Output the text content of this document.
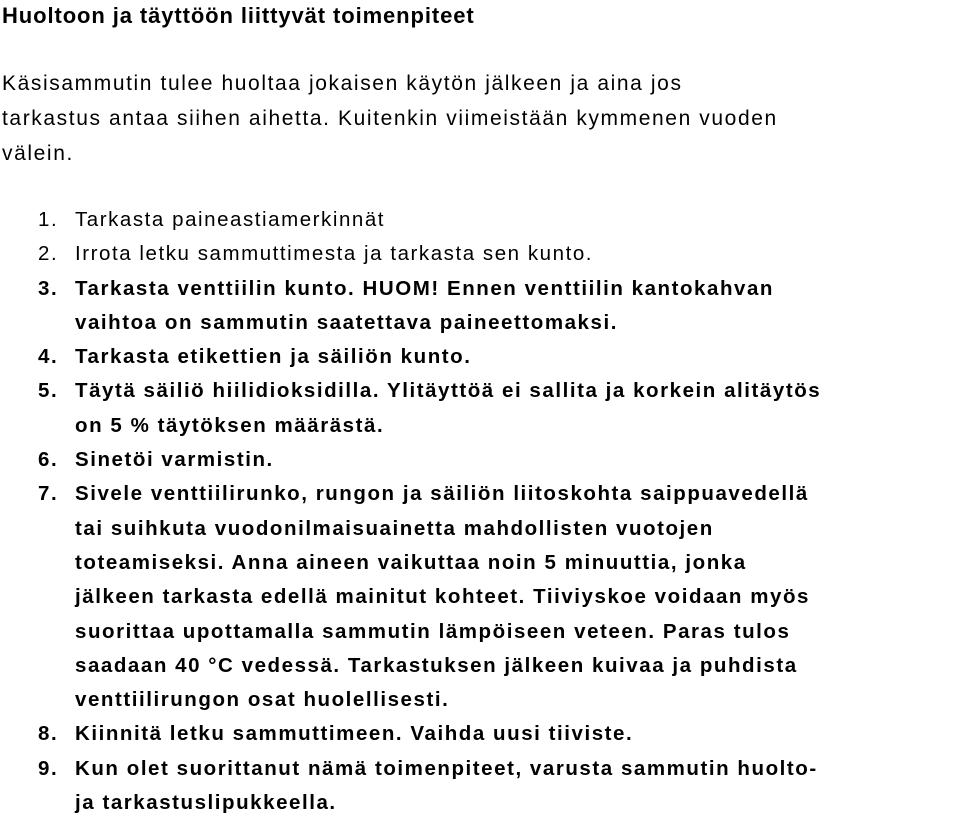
Huoltoon ja täyttöön liittyvät toimenpiteet

Käsisammutin tulee huoltaa jokaisen käytön jälkeen ja aina jos
tarkastus antaa siihen aihetta. Kuitenkin viimeistään kymmenen vuoden
välein.

1. Tarkasta paineastiamerkinnät
2. Irrota letku sammuttimesta ja tarkasta sen kunto.
3. Tarkasta venttiilin kunto. HUOM! Ennen venttiilin kantokahvan
vaihtoa on sammutin saatettava paineettomaksi.
4. Tarkasta etikettien ja säiliön kunto.
5. Täytä säiliö hiilidioksidilla. Ylitäyttöä ei sallita ja korkein alitäytös
on 5 % täytöksen määrästä.
6. Sinetöi varmistin.
7. Sivele venttiilirunko, rungon ja säiliön liitoskohta saippuavedellä
tai suihkuta vuodonilmaisuainetta mahdollisten vuotojen
toteamiseksi. Anna aineen vaikuttaa noin 5 minuuttia, jonka
jälkeen tarkasta edellä mainitut kohteet. Tiiviyskoe voidaan myös
suorittaa upottamalla sammutin lämpöiseen veteen. Paras tulos
saadaan 40 °C vedessä. Tarkastuksen jälkeen kuivaa ja puhdista
venttiilirungon osat huolellisesti.
8. Kiinnitä letku sammuttimeen. Vaihda uusi tiiviste.
9. Kun olet suorittanut nämä toimenpiteet, varusta sammutin huolto-
ja tarkastuslipukkeella.
